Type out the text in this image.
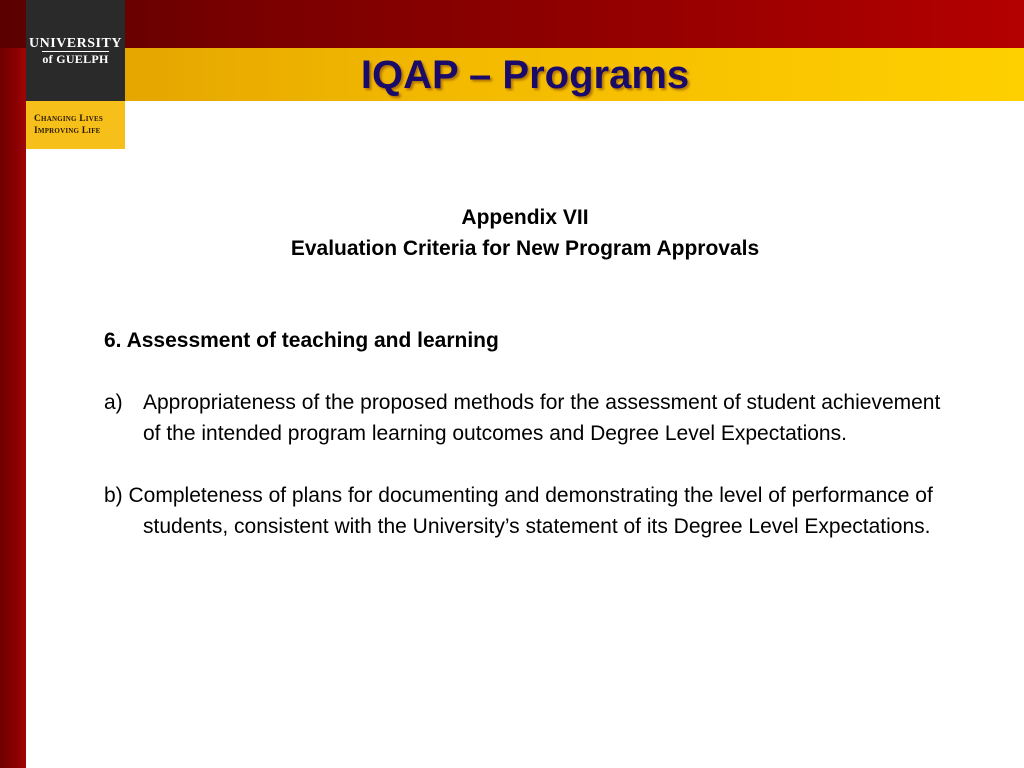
UNIVERSITY
of GUELPH
Changing Lives
Improving Life
IQAP – Programs
Appendix VII
Evaluation Criteria for New Program Approvals
6. Assessment of teaching and learning
a) Appropriateness of the proposed methods for the assessment of student achievement of the intended program learning outcomes and Degree Level Expectations.
b) Completeness of plans for documenting and demonstrating the level of performance of students, consistent with the University’s statement of its Degree Level Expectations.
